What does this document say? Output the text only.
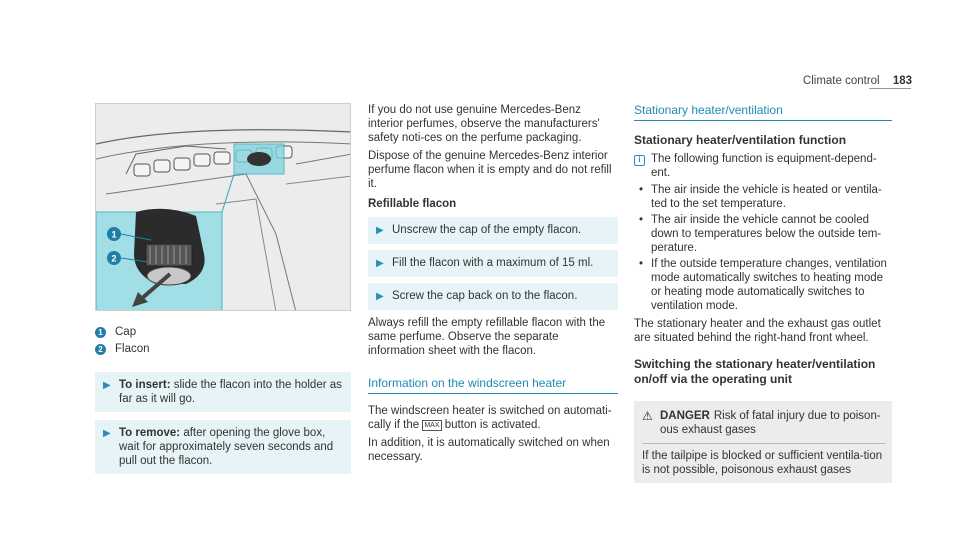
Climate control 183
1
2
1 Cap
2 Flacon
▶ To insert: slide the flacon into the holder as far as it will go.
▶ To remove: after opening the glove box, wait for approximately seven seconds and pull out the flacon.

If you do not use genuine Mercedes-Benz interior perfumes, observe the manufacturers' safety noti-ces on the perfume packaging.

Dispose of the genuine Mercedes-Benz interior perfume flacon when it is empty and do not refill it.

Refillable flacon
▶ Unscrew the cap of the empty flacon.
▶ Fill the flacon with a maximum of 15 ml.
▶ Screw the cap back on to the flacon.

Always refill the empty refillable flacon with the same perfume. Observe the separate information sheet with the flacon.

Information on the windscreen heater

The windscreen heater is switched on automati-cally if the MAX button is activated.

In addition, it is automatically switched on when necessary.

Stationary heater/ventilation
Stationary heater/ventilation function
i The following function is equipment-depend-ent.
• The air inside the vehicle is heated or ventila-ted to the set temperature.
• The air inside the vehicle cannot be cooled down to temperatures below the outside tem-perature.
• If the outside temperature changes, ventilation mode automatically switches to heating mode or heating mode automatically switches to ventilation mode.

The stationary heater and the exhaust gas outlet are situated behind the right-hand front wheel.

Switching the stationary heater/ventilation on/off via the operating unit
⚠ DANGER Risk of fatal injury due to poison-ous exhaust gases
If the tailpipe is blocked or sufficient ventila-tion is not possible, poisonous exhaust gases
